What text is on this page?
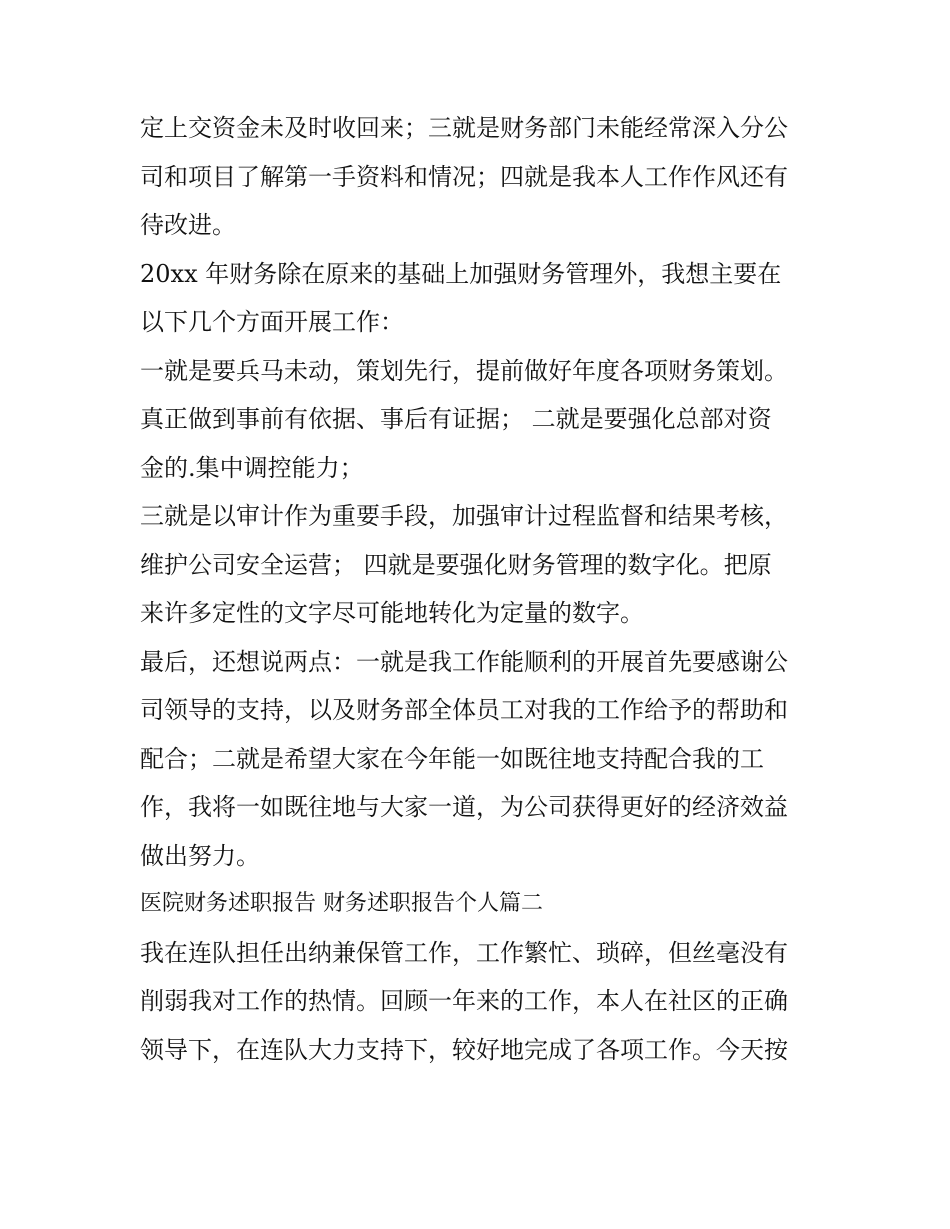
定上交资金未及时收回来；三就是财务部门未能经常深入分公
司和项目了解第一手资料和情况；四就是我本人工作作风还有
待改进。
20xx 年财务除在原来的基础上加强财务管理外，我想主要在
以下几个方面开展工作：
一就是要兵马未动，策划先行，提前做好年度各项财务策划。
真正做到事前有依据、事后有证据； 二就是要强化总部对资
金的.集中调控能力；
三就是以审计作为重要手段，加强审计过程监督和结果考核，
维护公司安全运营； 四就是要强化财务管理的数字化。把原
来许多定性的文字尽可能地转化为定量的数字。
最后，还想说两点：一就是我工作能顺利的开展首先要感谢公
司领导的支持，以及财务部全体员工对我的工作给予的帮助和
配合；二就是希望大家在今年能一如既往地支持配合我的工
作，我将一如既往地与大家一道，为公司获得更好的经济效益
做出努力。
医院财务述职报告 财务述职报告个人篇二
我在连队担任出纳兼保管工作，工作繁忙、琐碎，但丝毫没有
削弱我对工作的热情。回顾一年来的工作，本人在社区的正确
领导下，在连队大力支持下，较好地完成了各项工作。今天按
